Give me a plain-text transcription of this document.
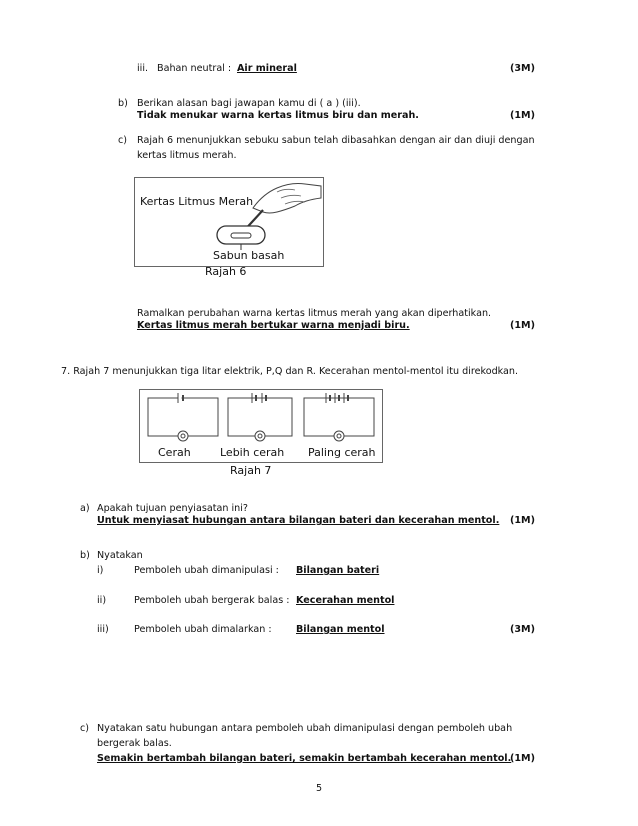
iii. Bahan neutral : Air mineral	(3M)
b) Berikan alasan bagi jawapan kamu di ( a ) (iii).
Tidak menukar warna kertas litmus biru dan merah.	(1M)
c) Rajah 6 menunjukkan sebuku sabun telah dibasahkan dengan air dan diuji dengan
kertas litmus merah.
Kertas Litmus Merah
Sabun basah
Rajah 6
Ramalkan perubahan warna kertas litmus merah yang akan diperhatikan.
Kertas litmus merah bertukar warna menjadi biru.	(1M)
7. Rajah 7 menunjukkan tiga litar elektrik, P,Q dan R. Kecerahan mentol-mentol itu direkodkan.
Cerah	Lebih cerah Paling cerah
Rajah 7
a) Apakah tujuan penyiasatan ini?
Untuk menyiasat hubungan antara bilangan bateri dan kecerahan mentol. (1M)
b) Nyatakan
i)	Pemboleh ubah dimanipulasi : Bilangan bateri
ii)	Pemboleh ubah bergerak balas : Kecerahan mentol
iii)	Pemboleh ubah dimalarkan :	Bilangan mentol	(3M)
c) Nyatakan satu hubungan antara pemboleh ubah dimanipulasi dengan pemboleh ubah
bergerak balas.
Semakin bertambah bilangan bateri, semakin bertambah kecerahan mentol.
(1M)
5
